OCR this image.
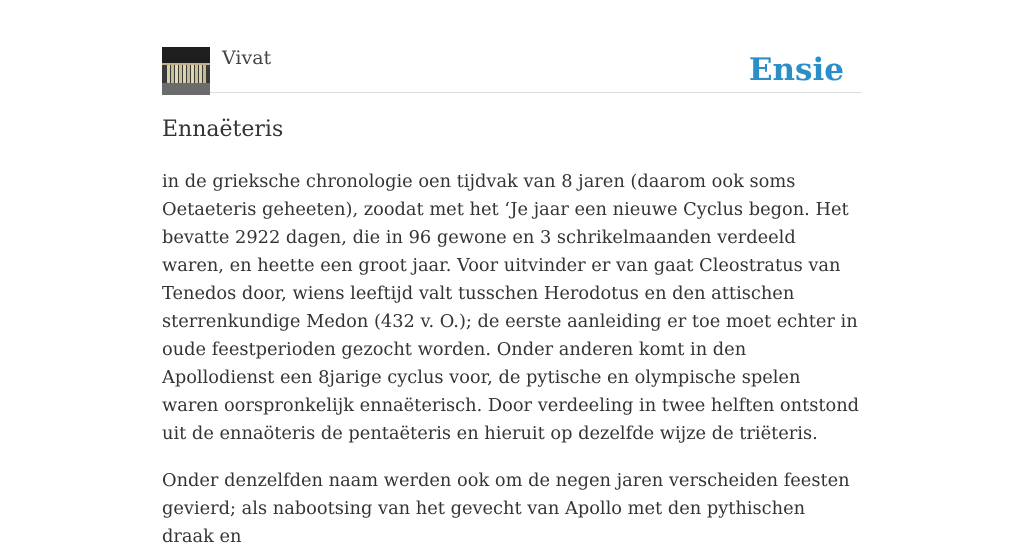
Vivat	Ensie
Ennaëteris

in de grieksche chronologie oen tijdvak van 8 jaren (daarom ook soms Oetaeteris geheeten), zoodat met het ‘Je jaar een nieuwe Cyclus begon. Het bevatte 2922 dagen, die in 96 gewone en 3 schrikelmaanden verdeeld waren, en heette een groot jaar. Voor uitvinder er van gaat Cleostratus van Tenedos door, wiens leeftijd valt tusschen Herodotus en den attischen sterrenkundige Medon (432 v. O.); de eerste aanleiding er toe moet echter in oude feestperioden gezocht worden. Onder anderen komt in den Apollodienst een 8jarige cyclus voor, de pytische en olympische spelen waren oorspronkelijk ennaëterisch. Door verdeeling in twee helften ontstond uit de ennaöteris de pentaëteris en hieruit op dezelfde wijze de triëteris.

Onder denzelfden naam werden ook om de negen jaren verscheiden feesten gevierd; als nabootsing van het gevecht van Apollo met den pythischen draak en
